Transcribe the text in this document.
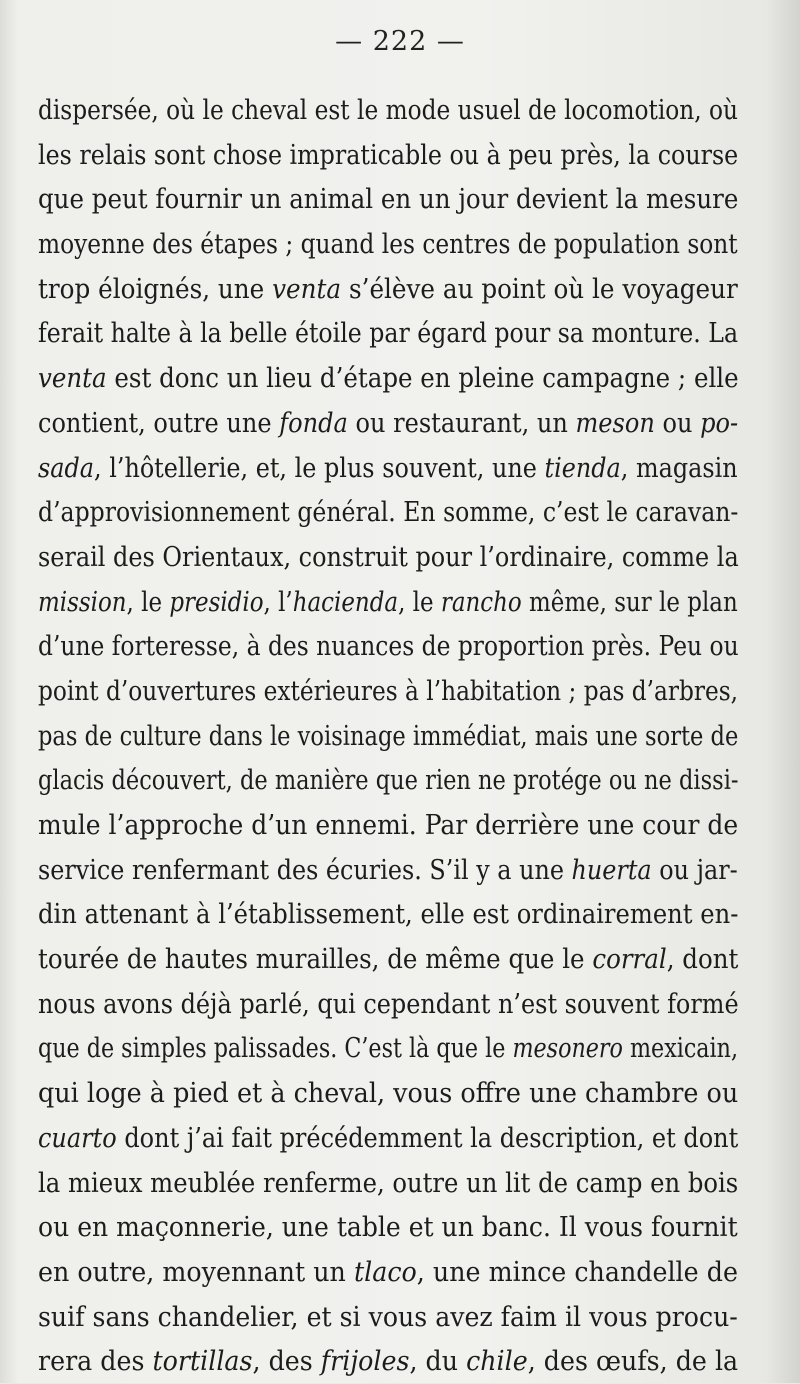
— 222 —
dispersée, où le cheval est le mode usuel de locomotion, où
les relais sont chose impraticable ou à peu près, la course
que peut fournir un animal en un jour devient la mesure
moyenne des étapes ; quand les centres de population sont
trop éloignés, une venta s’élève au point où le voyageur
ferait halte à la belle étoile par égard pour sa monture. La
venta est donc un lieu d’étape en pleine campagne ; elle
contient, outre une fonda ou restaurant, un meson ou po-
sada, l’hôtellerie, et, le plus souvent, une tienda, magasin
d’approvisionnement général. En somme, c’est le caravan-
serail des Orientaux, construit pour l’ordinaire, comme la
mission, le presidio, l’hacienda, le rancho même, sur le plan
d’une forteresse, à des nuances de proportion près. Peu ou
point d’ouvertures extérieures à l’habitation ; pas d’arbres,
pas de culture dans le voisinage immédiat, mais une sorte de
glacis découvert, de manière que rien ne protége ou ne dissi-
mule l’approche d’un ennemi. Par derrière une cour de
service renfermant des écuries. S’il y a une huerta ou jar-
din attenant à l’établissement, elle est ordinairement en-
tourée de hautes murailles, de même que le corral, dont
nous avons déjà parlé, qui cependant n’est souvent formé
que de simples palissades. C’est là que le mesonero mexicain,
qui loge à pied et à cheval, vous offre une chambre ou
cuarto dont j’ai fait précédemment la description, et dont
la mieux meublée renferme, outre un lit de camp en bois
ou en maçonnerie, une table et un banc. Il vous fournit
en outre, moyennant un tlaco, une mince chandelle de
suif sans chandelier, et si vous avez faim il vous procu-
rera des tortillas, des frijoles, du chile, des œufs, de la
